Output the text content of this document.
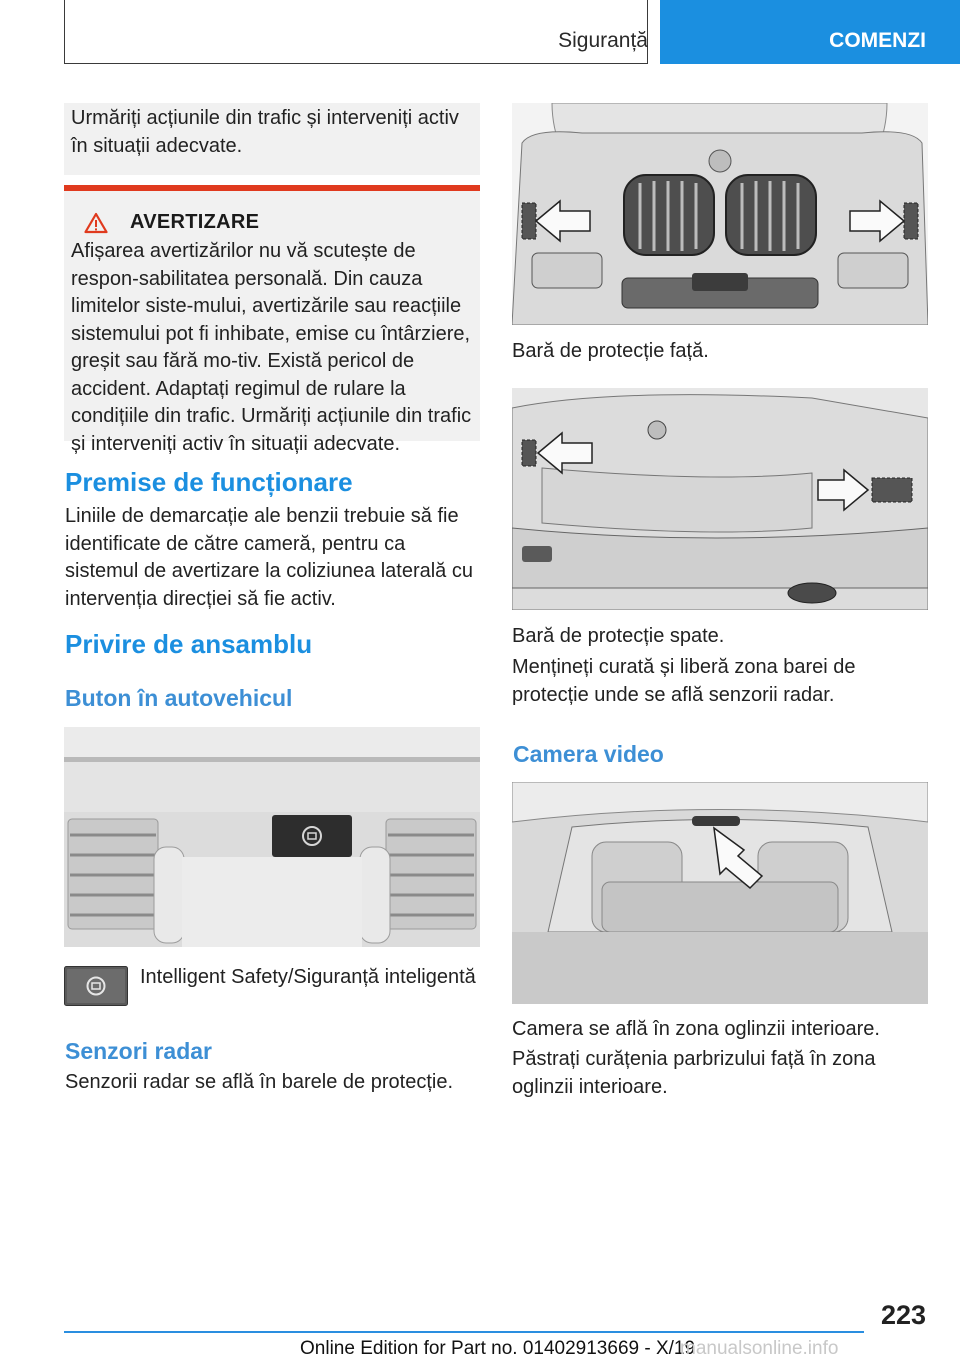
Siguranță	COMENZI

Urmăriți acțiunile din trafic și interveniți activ în situații adecvate.

AVERTIZARE

Afișarea avertizărilor nu vă scutește de respon-sabilitatea personală. Din cauza limitelor siste-mului, avertizările sau reacțiile sistemului pot fi inhibate, emise cu întârziere, greșit sau fără mo-tiv. Există pericol de accident. Adaptați regimul de rulare la condițiile din trafic. Urmăriți acțiunile din trafic și interveniți activ în situații adecvate.

Premise de funcționare

Liniile de demarcație ale benzii trebuie să fie identificate de către cameră, pentru ca sistemul de avertizare la coliziunea laterală cu intervenția direcției să fie activ.

Privire de ansamblu
Buton în autovehicul

Intelligent Safety/Siguranță inteligentă

Senzori radar

Senzorii radar se află în barele de protecție.

Bară de protecție față.

Bară de protecție spate.

Mențineți curată și liberă zona barei de protecție unde se află senzorii radar.

Camera video

Camera se află în zona oglinzii interioare.

Păstrați curățenia parbrizului față în zona oglinzii interioare.

223
Online Edition for Part no. 01402913669 - X/19
manualsonline.info
